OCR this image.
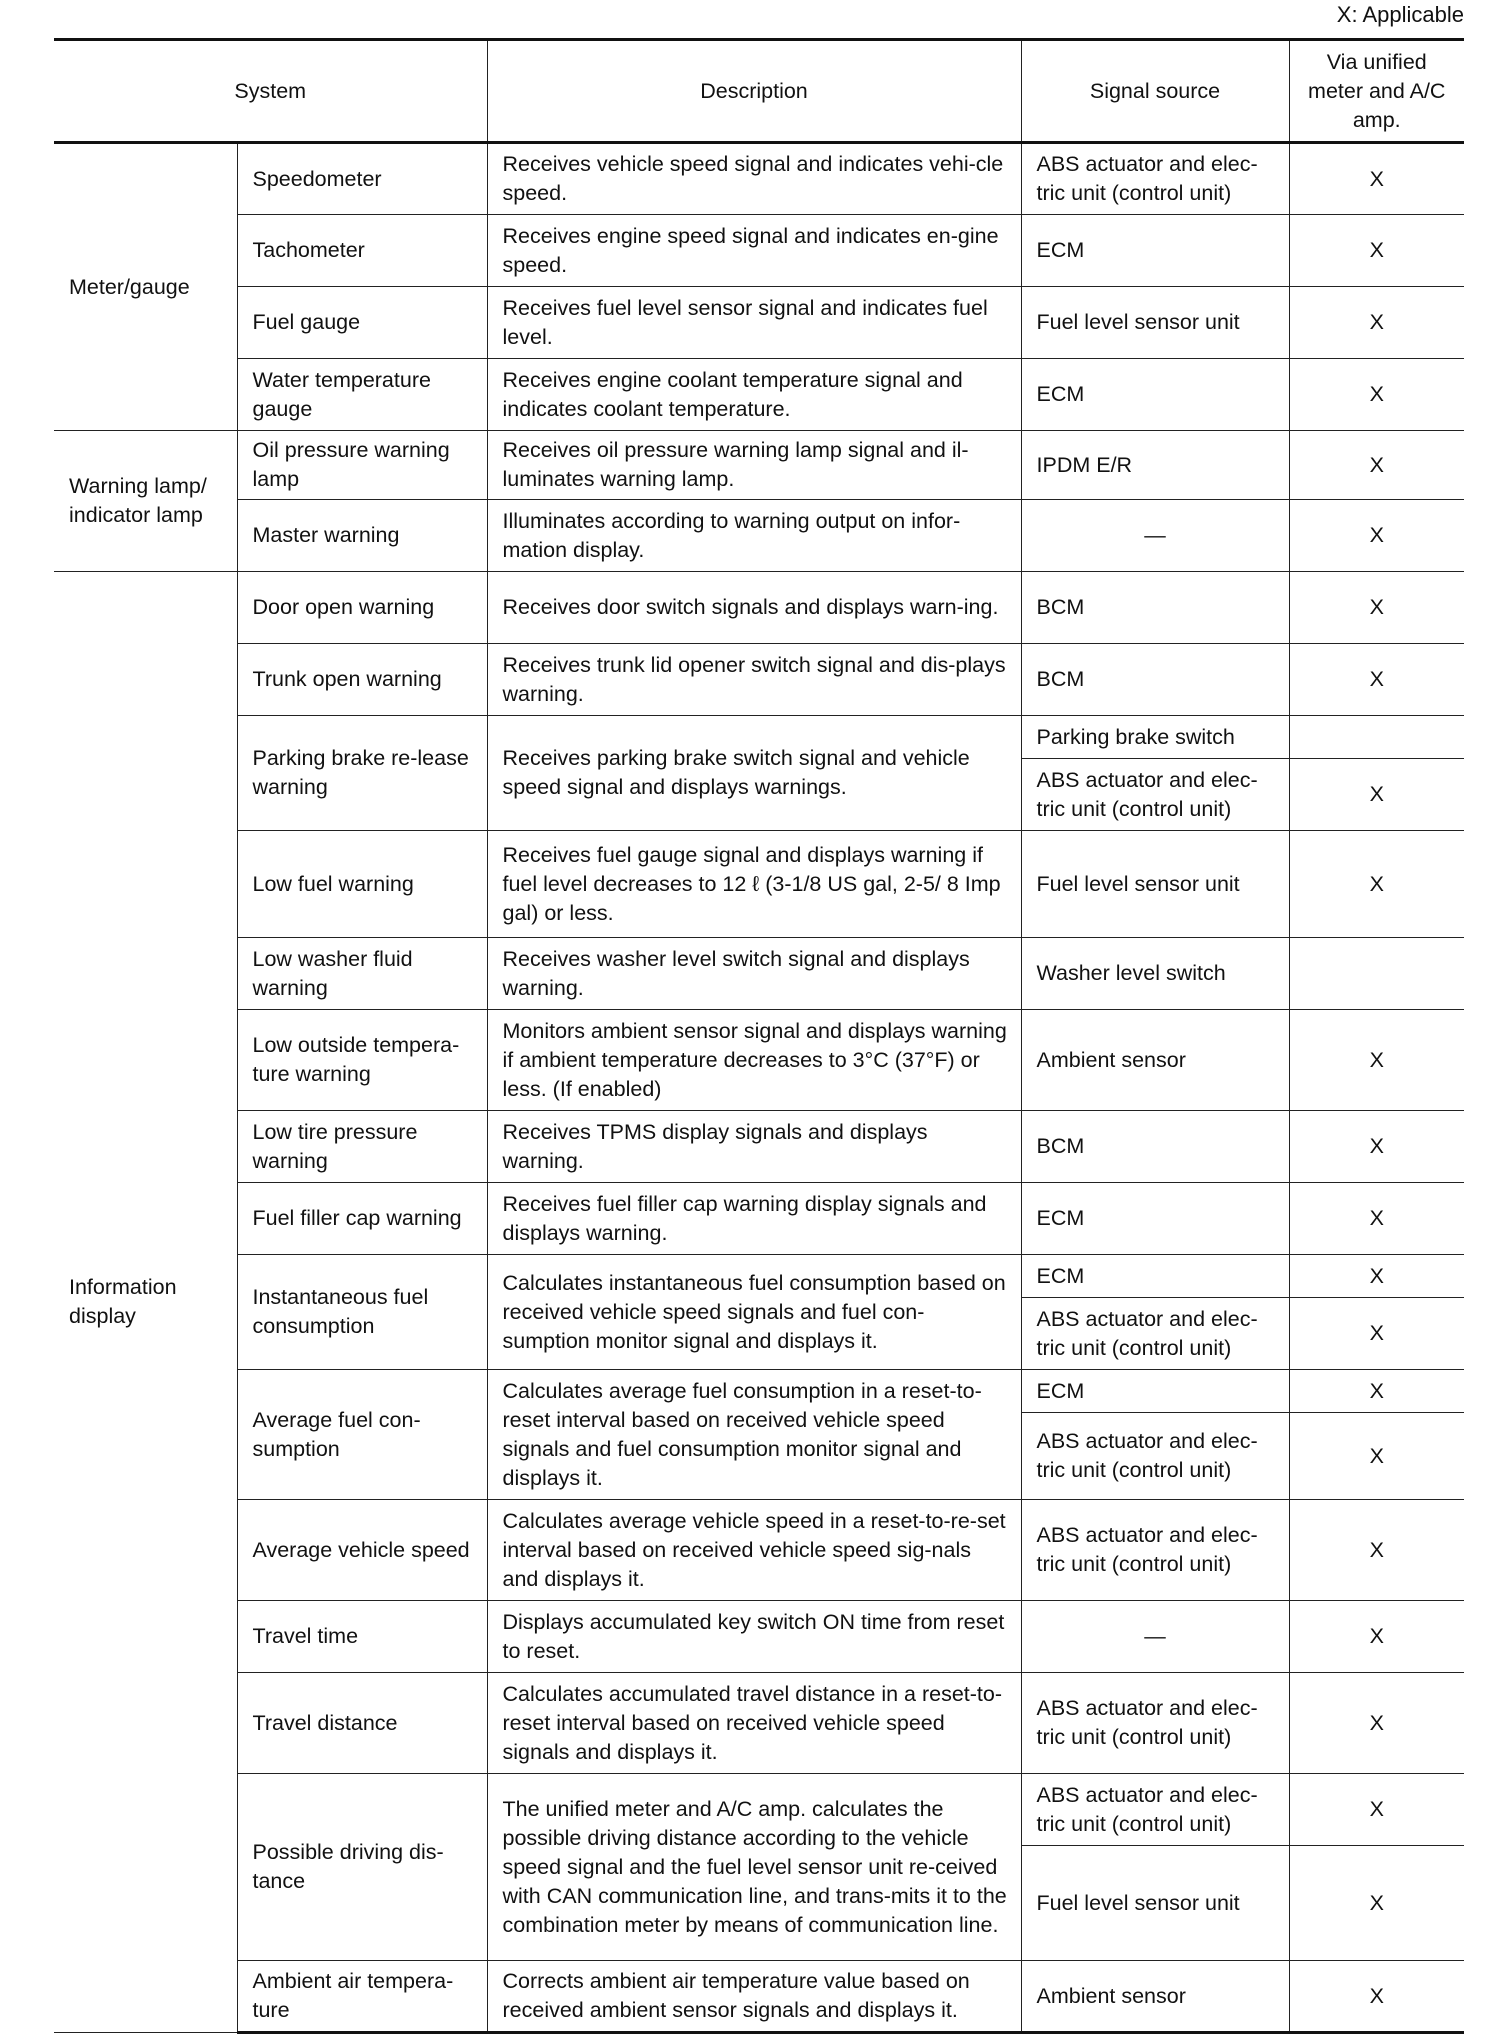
X: Applicable
System		Description	Signal source	Via unified meter and A/C amp.
Meter/gauge	Speedometer	Receives vehicle speed signal and indicates vehi-cle speed.	ABS actuator and elec-tric unit (control unit)	X
	Tachometer	Receives engine speed signal and indicates en-gine speed.	ECM	X
	Fuel gauge	Receives fuel level sensor signal and indicates fuel level.	Fuel level sensor unit	X
	Water temperature gauge	Receives engine coolant temperature signal and indicates coolant temperature.	ECM	X
Warning lamp/ indicator lamp	Oil pressure warning lamp	Receives oil pressure warning lamp signal and il-luminates warning lamp.	IPDM E/R	X
	Master warning	Illuminates according to warning output on infor-mation display.	—	X
Information display	Door open warning	Receives door switch signals and displays warn-ing.	BCM	X
	Trunk open warning	Receives trunk lid opener switch signal and dis-plays warning.	BCM	X
	Parking brake re-lease warning	Receives parking brake switch signal and vehicle speed signal and displays warnings.	Parking brake switch	
			ABS actuator and elec-tric unit (control unit)	X
	Low fuel warning	Receives fuel gauge signal and displays warning if fuel level decreases to 12 ℓ (3-1/8 US gal, 2-5/ 8 Imp gal) or less.	Fuel level sensor unit	X
	Low washer fluid warning	Receives washer level switch signal and displays warning.	Washer level switch	
	Low outside tempera-ture warning	Monitors ambient sensor signal and displays warning if ambient temperature decreases to 3°C (37°F) or less. (If enabled)	Ambient sensor	X
	Low tire pressure warning	Receives TPMS display signals and displays warning.	BCM	X
	Fuel filler cap warning	Receives fuel filler cap warning display signals and displays warning.	ECM	X
	Instantaneous fuel consumption	Calculates instantaneous fuel consumption based on received vehicle speed signals and fuel con-sumption monitor signal and displays it.	ECM	X
			ABS actuator and elec-tric unit (control unit)	X
	Average fuel con-sumption	Calculates average fuel consumption in a reset-to-reset interval based on received vehicle speed signals and fuel consumption monitor signal and displays it.	ECM	X
			ABS actuator and elec-tric unit (control unit)	X
	Average vehicle speed	Calculates average vehicle speed in a reset-to-re-set interval based on received vehicle speed sig-nals and displays it.	ABS actuator and elec-tric unit (control unit)	X
	Travel time	Displays accumulated key switch ON time from reset to reset.	—	X
	Travel distance	Calculates accumulated travel distance in a reset-to-reset interval based on received vehicle speed signals and displays it.	ABS actuator and elec-tric unit (control unit)	X
	Possible driving dis-tance	The unified meter and A/C amp. calculates the possible driving distance according to the vehicle speed signal and the fuel level sensor unit re-ceived with CAN communication line, and trans-mits it to the combination meter by means of communication line.	ABS actuator and elec-tric unit (control unit)	X
			Fuel level sensor unit	X
	Ambient air tempera-ture	Corrects ambient air temperature value based on received ambient sensor signals and displays it.	Ambient sensor	X
